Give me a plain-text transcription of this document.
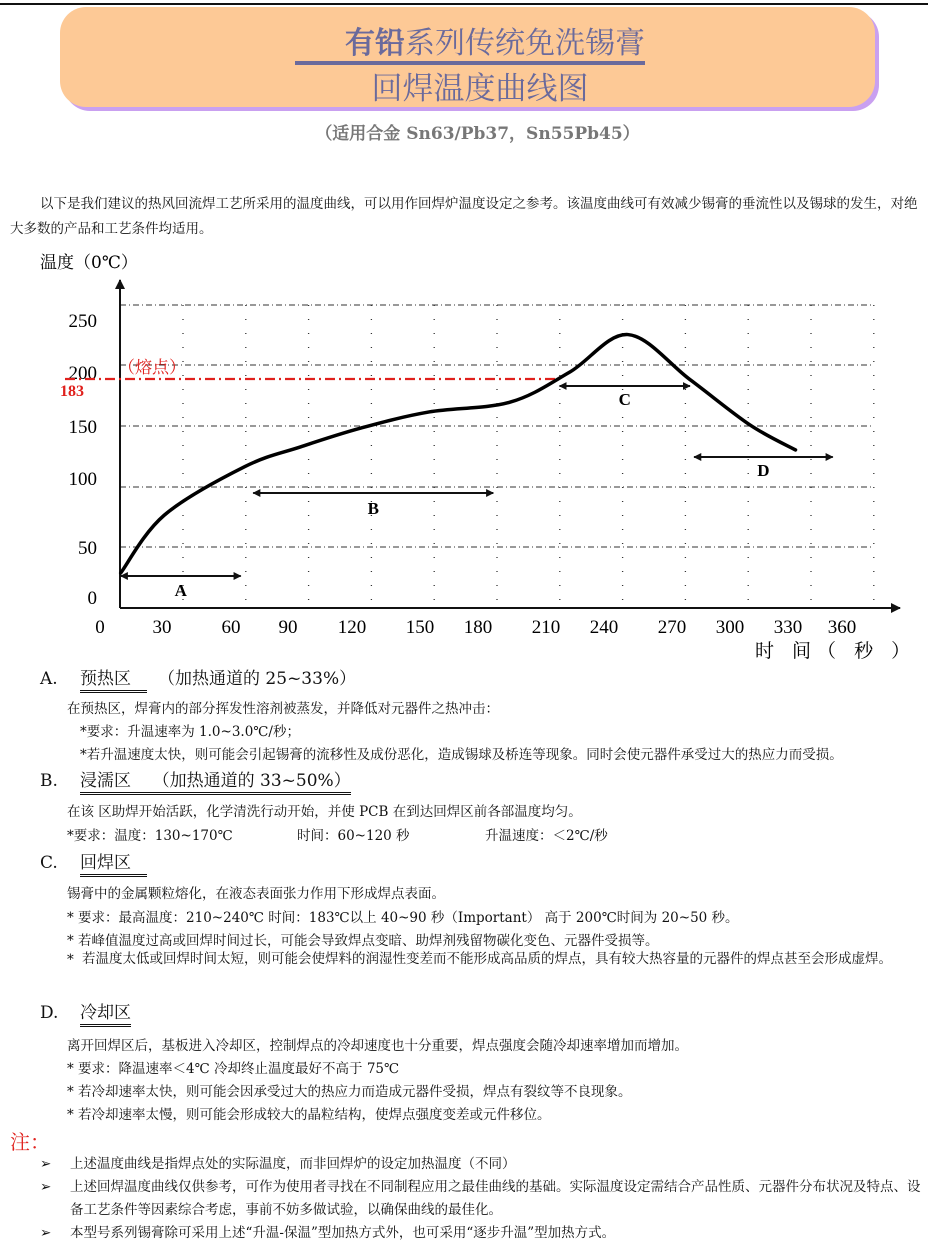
有铅系列传统免洗锡膏
回焊温度曲线图
（适用合金 Sn63/Pb37，Sn55Pb45）
以下是我们建议的热风回流焊工艺所采用的温度曲线，可以用作回焊炉温度设定之参考。该温度曲线可有效减少锡膏的垂流性以及锡球的发生，对绝大多数的产品和工艺条件均适用。
0	30	60 90 120 150 180 210 240 270 300 330 360
0
50
100
150
200
250
温度（0℃）
时 间（ 秒 ）
183
（熔点）
A
B
C
D
A. 预热区 （加热通道的 25~33%）
在预热区，焊膏内的部分挥发性溶剂被蒸发，并降低对元器件之热冲击：
*要求：升温速率为 1.0~3.0℃/秒；
*若升温速度太快，则可能会引起锡膏的流移性及成份恶化，造成锡球及桥连等现象。同时会使元器件承受过大的热应力而受损。
B. 浸濡区 （加热通道的 33~50%）
在该 区助焊开始活跃，化学清洗行动开始，并使 PCB 在到达回焊区前各部温度均匀。
*要求：温度：130~170℃	时间：60~120 秒	升温速度：＜2℃/秒
C. 回焊区
锡膏中的金属颗粒熔化，在液态表面张力作用下形成焊点表面。
* 要求：最高温度：210~240℃ 时间：183℃以上 40~90 秒（Important） 高于 200℃时间为 20~50 秒。
* 若峰值温度过高或回焊时间过长，可能会导致焊点变暗、助焊剂残留物碳化变色、元器件受损等。
* 若温度太低或回焊时间太短，则可能会使焊料的润湿性变差而不能形成高品质的焊点，具有较大热容量的元器件的焊点甚至会形成虚焊。
D. 冷却区
离开回焊区后，基板进入冷却区，控制焊点的冷却速度也十分重要，焊点强度会随冷却速率增加而增加。
* 要求：降温速率＜4℃ 冷却终止温度最好不高于 75℃
* 若冷却速率太快，则可能会因承受过大的热应力而造成元器件受损，焊点有裂纹等不良现象。
* 若冷却速率太慢，则可能会形成较大的晶粒结构，使焊点强度变差或元件移位。
注：
➢ 上述温度曲线是指焊点处的实际温度，而非回焊炉的设定加热温度（不同）
➢ 上述回焊温度曲线仅供参考，可作为使用者寻找在不同制程应用之最佳曲线的基础。实际温度设定需结合产品性质、元器件分布状况及特点、设备工艺条件等因素综合考虑，事前不妨多做试验，以确保曲线的最佳化。
➢ 本型号系列锡膏除可采用上述“升温-保温”型加热方式外，也可采用“逐步升温”型加热方式。
